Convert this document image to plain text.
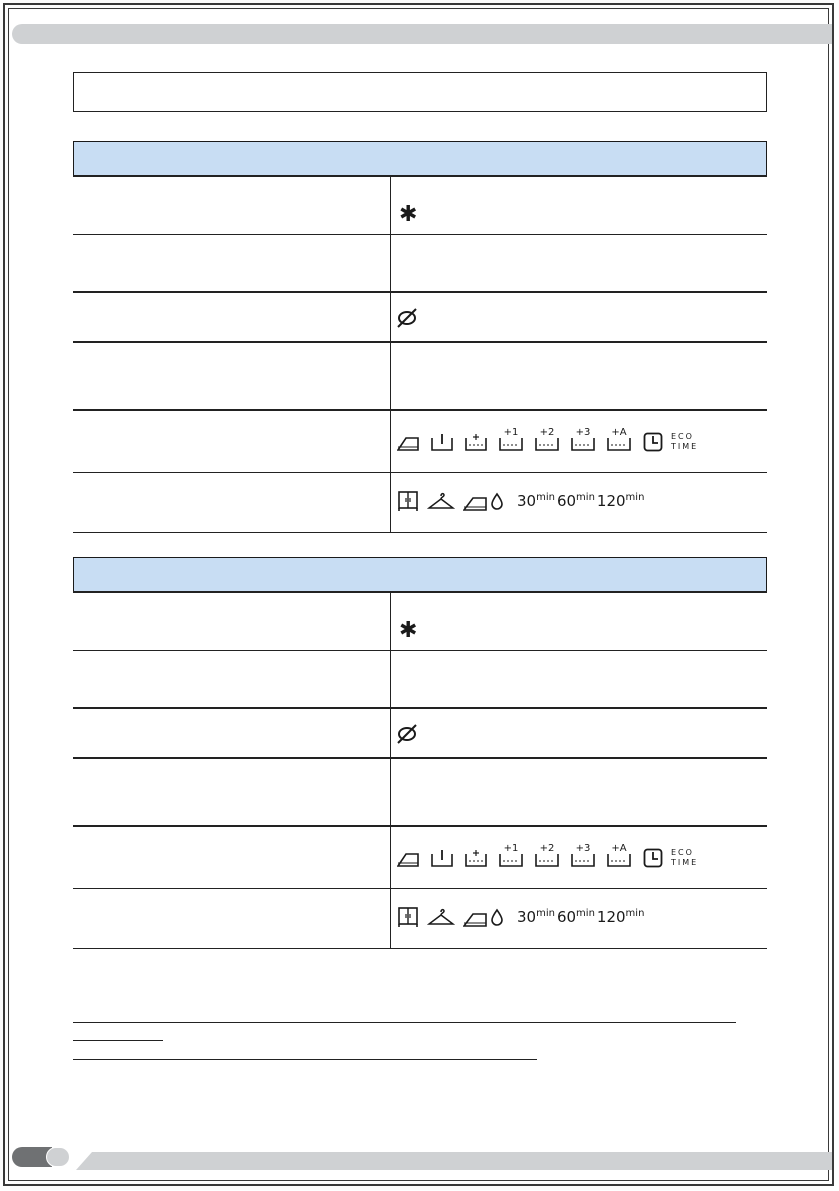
✱
+1	+2	+3	+A	ECO
TIME
$30^{min}$ $60^{min}$ $120^{min}$
✱
+1	+2	+3	+A	ECO
TIME
$30^{min}$ $60^{min}$ $120^{min}$
